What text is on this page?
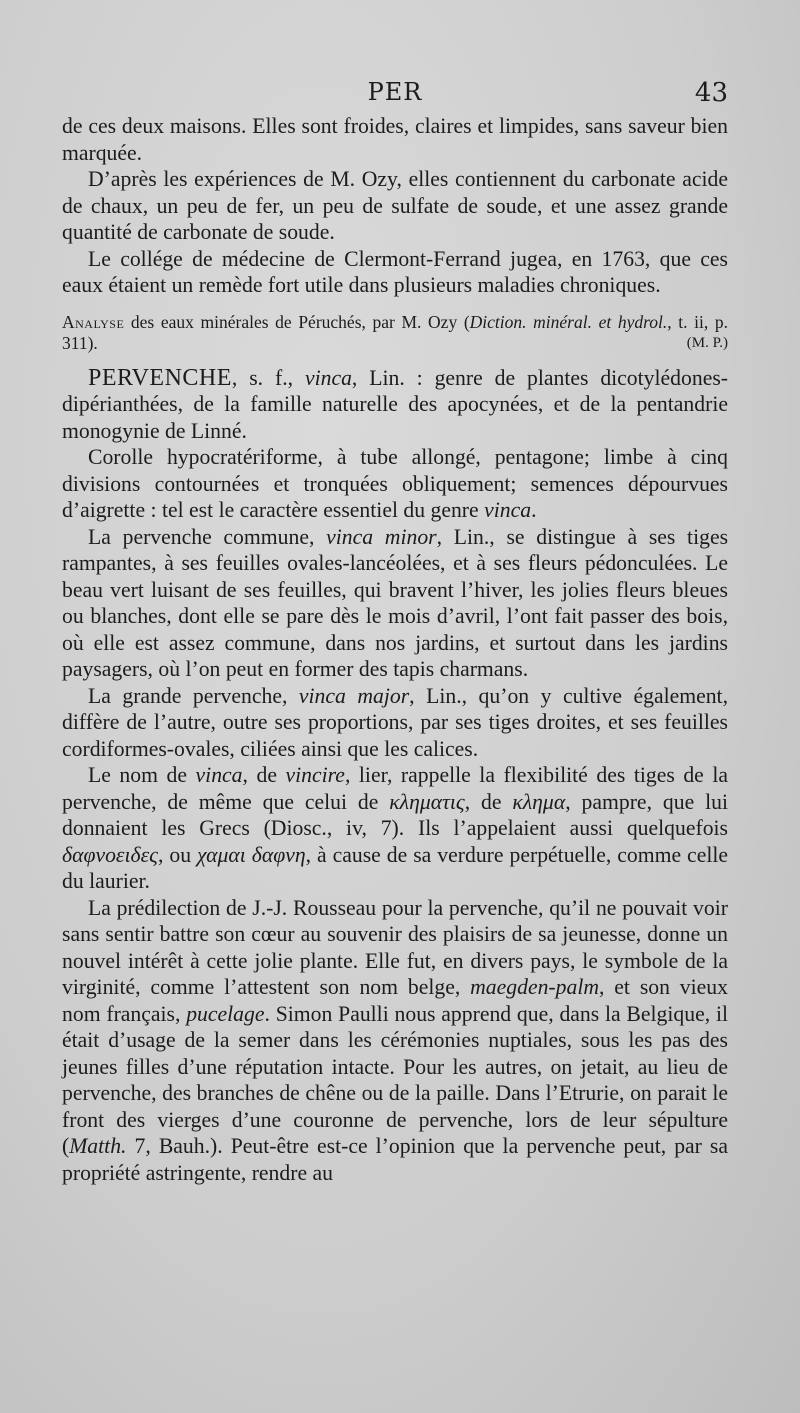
PER	43

de ces deux maisons. Elles sont froides, claires et limpides, sans saveur bien marquée.

D’après les expériences de M. Ozy, elles contiennent du carbonate acide de chaux, un peu de fer, un peu de sulfate de soude, et une assez grande quantité de carbonate de soude.

Le collége de médecine de Clermont-Ferrand jugea, en 1763, que ces eaux étaient un remède fort utile dans plusieurs maladies chroniques.

Analyse des eaux minérales de Péruchés, par M. Ozy (Diction. minéral. et hydrol., t. ii, p. 311).	(M. P.)

PERVENCHE, s. f., vinca, Lin. : genre de plantes dicotylédones-dipérianthées, de la famille naturelle des apocynées, et de la pentandrie monogynie de Linné.

Corolle hypocratériforme, à tube allongé, pentagone; limbe à cinq divisions contournées et tronquées obliquement; semences dépourvues d’aigrette : tel est le caractère essentiel du genre vinca.

La pervenche commune, vinca minor, Lin., se distingue à ses tiges rampantes, à ses feuilles ovales-lancéolées, et à ses fleurs pédonculées. Le beau vert luisant de ses feuilles, qui bravent l’hiver, les jolies fleurs bleues ou blanches, dont elle se pare dès le mois d’avril, l’ont fait passer des bois, où elle est assez commune, dans nos jardins, et surtout dans les jardins paysagers, où l’on peut en former des tapis charmans.

La grande pervenche, vinca major, Lin., qu’on y cultive également, diffère de l’autre, outre ses proportions, par ses tiges droites, et ses feuilles cordiformes-ovales, ciliées ainsi que les calices.

Le nom de vinca, de vincire, lier, rappelle la flexibilité des tiges de la pervenche, de même que celui de κληματις, de κλημα, pampre, que lui donnaient les Grecs (Diosc., iv, 7). Ils l’appelaient aussi quelquefois δαφνοειδες, ou χαμαι δαφνη, à cause de sa verdure perpétuelle, comme celle du laurier.

La prédilection de J.-J. Rousseau pour la pervenche, qu’il ne pouvait voir sans sentir battre son cœur au souvenir des plaisirs de sa jeunesse, donne un nouvel intérêt à cette jolie plante. Elle fut, en divers pays, le symbole de la virginité, comme l’attestent son nom belge, maegden-palm, et son vieux nom français, pucelage. Simon Paulli nous apprend que, dans la Belgique, il était d’usage de la semer dans les cérémonies nuptiales, sous les pas des jeunes filles d’une réputation intacte. Pour les autres, on jetait, au lieu de pervenche, des branches de chêne ou de la paille. Dans l’Etrurie, on parait le front des vierges d’une couronne de pervenche, lors de leur sépulture (Matth. 7, Bauh.). Peut-être est-ce l’opinion que la pervenche peut, par sa propriété astringente, rendre au
